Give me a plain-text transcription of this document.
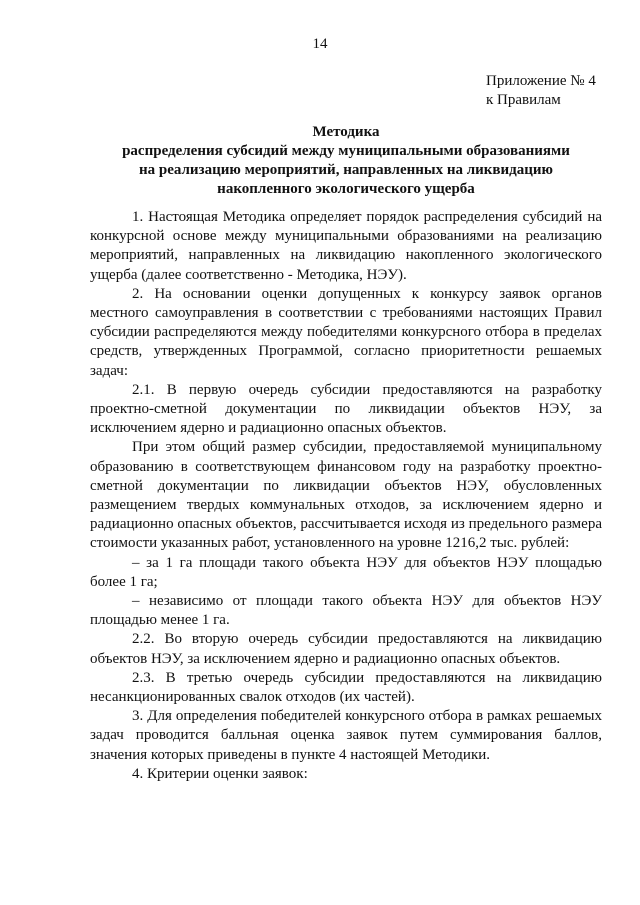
14
Приложение № 4
к Правилам
Методика
распределения субсидий между муниципальными образованиями
на реализацию мероприятий, направленных на ликвидацию
накопленного экологического ущерба

1. Настоящая Методика определяет порядок распределения субсидий на конкурсной основе между муниципальными образованиями на реализацию мероприятий, направленных на ликвидацию накопленного экологического ущерба (далее соответственно - Методика, НЭУ).

2. На основании оценки допущенных к конкурсу заявок органов местного самоуправления в соответствии с требованиями настоящих Правил субсидии распределяются между победителями конкурсного отбора в пределах средств, утвержденных Программой, согласно приоритетности решаемых задач:

2.1. В первую очередь субсидии предоставляются на разработку проектно-сметной документации по ликвидации объектов НЭУ, за исключением ядерно и радиационно опасных объектов.

При этом общий размер субсидии, предоставляемой муниципальному образованию в соответствующем финансовом году на разработку проектно-сметной документации по ликвидации объектов НЭУ, обусловленных размещением твердых коммунальных отходов, за исключением ядерно и радиационно опасных объектов, рассчитывается исходя из предельного размера стоимости указанных работ, установленного на уровне 1216,2 тыс. рублей:

– за 1 га площади такого объекта НЭУ для объектов НЭУ площадью более 1 га;

– независимо от площади такого объекта НЭУ для объектов НЭУ площадью менее 1 га.

2.2. Во вторую очередь субсидии предоставляются на ликвидацию объектов НЭУ, за исключением ядерно и радиационно опасных объектов.

2.3. В третью очередь субсидии предоставляются на ликвидацию несанкционированных свалок отходов (их частей).

3. Для определения победителей конкурсного отбора в рамках решаемых задач проводится балльная оценка заявок путем суммирования баллов, значения которых приведены в пункте 4 настоящей Методики.

4. Критерии оценки заявок:
